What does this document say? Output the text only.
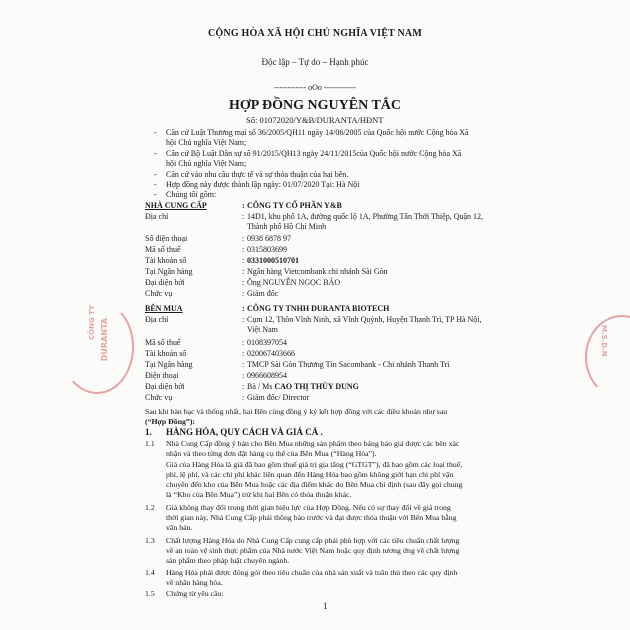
CỘNG HÒA XÃ HỘI CHỦ NGHĨA VIỆT NAM
Độc lập – Tự do – Hạnh phúc
------------ oOo ------------
HỢP ĐỒNG NGUYÊN TẮC
Số: 01072020/Y&B/DURANTA/HĐNT
- Căn cứ Luật Thương mại số 36/2005/QH11 ngày 14/06/2005 của Quốc hội nước Cộng hòa Xã
hội Chủ nghĩa Việt Nam;
- Căn cứ Bộ Luật Dân sự số 91/2015/QH13 ngày 24/11/2015của Quốc hội nước Cộng hòa Xã
hội Chủ nghĩa Việt Nam;
- Căn cứ vào nhu cầu thực tế và sự thỏa thuận của hai bên.
- Hợp đồng này được thành lập ngày: 01/07/2020 Tại: Hà Nội
- Chúng tôi gồm:
NHÀ CUNG CẤP	: CÔNG TY CỔ PHẦN Y&B
Địa chỉ	: 14D1, khu phố 1A, đường quốc lộ 1A, Phường Tân Thới Thiệp, Quận 12,
Thành phố Hồ Chí Minh
Số điện thoại	: 0938 6878 97
Mã số thuế	: 0315803699
Tài khoản số	: 0331000510701
Tại Ngân hàng	: Ngân hàng Vietcombank chi nhánh Sài Gòn
Đại diện bởi	: Ông NGUYỄN NGỌC BẢO
Chức vụ	: Giám đốc
BÊN MUA	: CÔNG TY TNHH DURANTA BIOTECH
Địa chỉ	: Cụm 12, Thôn Vĩnh Ninh, xã Vĩnh Quỳnh, Huyện Thanh Trì, TP Hà Nội,
Việt Nam
Mã số thuế	: 0108397054
Tài khoản số	: 020067403666
Tại Ngân hàng	: TMCP Sài Gòn Thương Tín Sacombank - Chi nhánh Thanh Trì
Điện thoại	: 0966608954
Đại diện bởi	: Bà / Ms CAO THỊ THÙY DUNG
Chức vụ	: Giám đốc/ Director
Sau khi bàn bạc và thống nhất, hai Bên cùng đồng ý ký kết hợp đồng với các điều khoản như sau
(“Hợp Đồng”):
1. HÀNG HÓA, QUY CÁCH VÀ GIÁ CẢ .
1.1 Nhà Cung Cấp đồng ý bán cho Bên Mua những sản phẩm theo bảng báo giá được các bên xác
nhận và theo từng đơn đặt hàng cụ thể của Bên Mua (“Hàng Hóa”).
Giá của Hàng Hóa là giá đã bao gồm thuế giá trị gia tăng (“GTGT”), đã bao gồm các loại thuế,
phí, lệ phí, và các chi phí khác liên quan đến Hàng Hóa bao gồm không giới hạn chi phí vận
chuyển đến kho của Bên Mua hoặc các địa điểm khác do Bên Mua chỉ định (sau đây gọi chung
là “Kho của Bên Mua”) trừ khi hai Bên có thỏa thuận khác.
1.2 Giá không thay đổi trong thời gian hiệu lực của Hợp Đồng. Nếu có sự thay đổi về giá trong
thời gian này, Nhà Cung Cấp phải thông báo trước và đạt được thỏa thuận với Bên Mua bằng
văn bản.
1.3 Chất lượng Hàng Hóa do Nhà Cung Cấp cung cấp phải phù hợp với các tiêu chuẩn chất lượng
về an toàn vệ sinh thực phẩm của Nhà nước Việt Nam hoặc quy định tương ứng về chất lượng
sản phẩm theo pháp luật chuyên ngành.
1.4 Hàng Hóa phải được đóng gói theo tiêu chuẩn của nhà sản xuất và tuân thủ theo các quy định
về nhãn hàng hóa.
1.5 Chứng từ yêu cầu:
1
CÔNG TY DURANTA	M.S.D.N
